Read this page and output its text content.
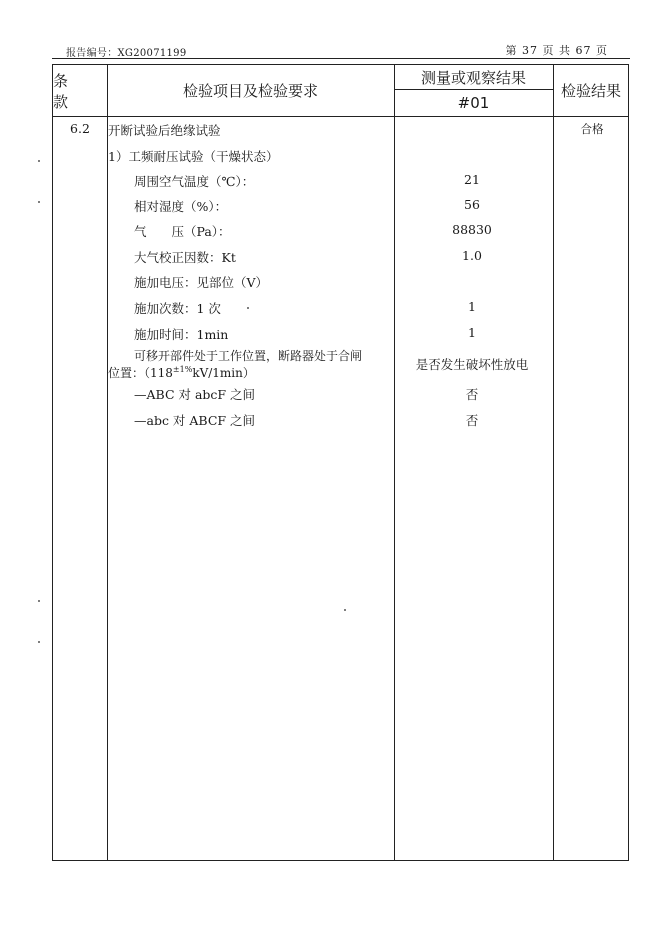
报告编号：XG20071199	第 37 页 共 67 页
条 款
检验项目及检验要求
测量或观察结果
#01
检验结果
6.2 开断试验后绝缘试验	合格
1）工频耐压试验（干燥状态）
周围空气温度（℃）：	21
相对湿度（%）：	56
气　　压（Pa）：	88830
大气校正因数：Kt	1.0
施加电压：见部位（V）
施加次数：1 次	1
施加时间：1min	1
可移开部件处于工作位置，断路器处于合闸
位置：$(118^{\pm 1\%}kV/1\min)$
是否发生破坏性放电
—ABC 对 abcF 之间	否
—abc 对 ABCF 之间	否
